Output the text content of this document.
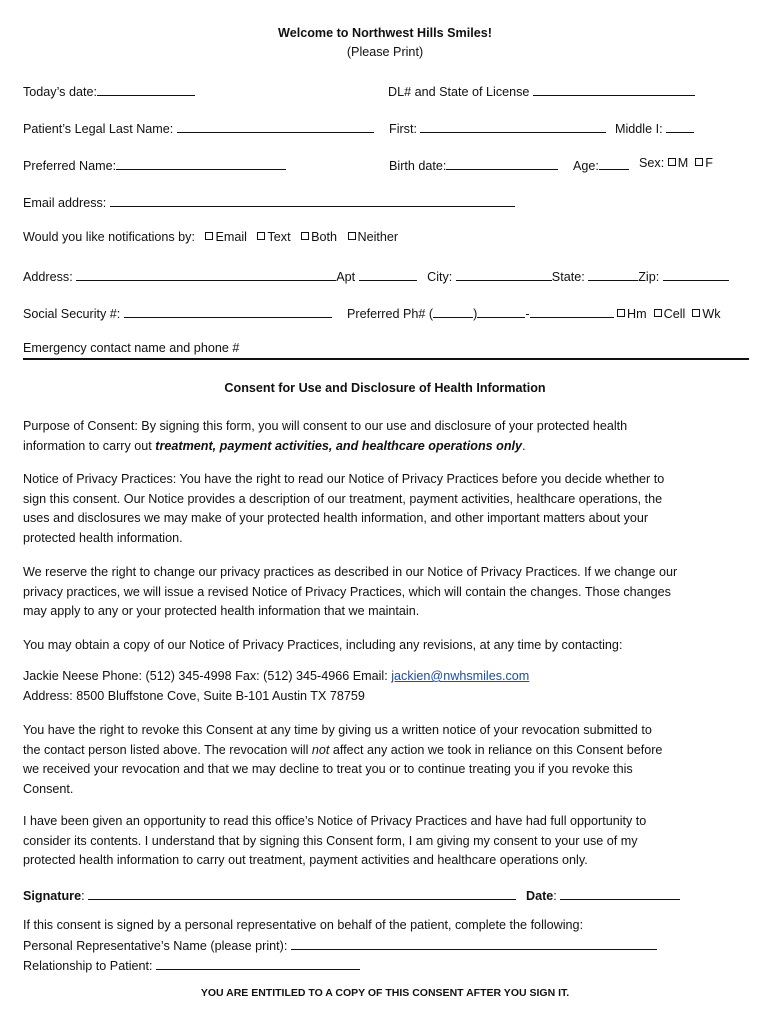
Welcome to Northwest Hills Smiles!
(Please Print)
Today’s date:	DL# and State of License
Patient’s Legal Last Name:	First:	Middle I:
Preferred Name:	Birth date:	Age:	Sex: M F
Email address:
Would you like notifications by: Email Text Both Neither
Address:	Apt	City:	State:	Zip:
Social Security #:	Preferred Ph# (	)	-	Hm Cell Wk
Emergency contact name and phone #
Consent for Use and Disclosure of Health Information
Purpose of Consent: By signing this form, you will consent to our use and disclosure of your protected health
information to carry out treatment, payment activities, and healthcare operations only.
Notice of Privacy Practices: You have the right to read our Notice of Privacy Practices before you decide whether to
sign this consent. Our Notice provides a description of our treatment, payment activities, healthcare operations, the
uses and disclosures we may make of your protected health information, and other important matters about your
protected health information.
We reserve the right to change our privacy practices as described in our Notice of Privacy Practices. If we change our
privacy practices, we will issue a revised Notice of Privacy Practices, which will contain the changes. Those changes
may apply to any or your protected health information that we maintain.
You may obtain a copy of our Notice of Privacy Practices, including any revisions, at any time by contacting:
Jackie Neese Phone: (512) 345-4998 Fax: (512) 345-4966 Email: jackien@nwhsmiles.com
Address: 8500 Bluffstone Cove, Suite B-101 Austin TX 78759
You have the right to revoke this Consent at any time by giving us a written notice of your revocation submitted to
the contact person listed above. The revocation will not affect any action we took in reliance on this Consent before
we received your revocation and that we may decline to treat you or to continue treating you if you revoke this
Consent.
I have been given an opportunity to read this office’s Notice of Privacy Practices and have had full opportunity to
consider its contents. I understand that by signing this Consent form, I am giving my consent to your use of my
protected health information to carry out treatment, payment activities and healthcare operations only.
Signature:	Date:
If this consent is signed by a personal representative on behalf of the patient, complete the following:
Personal Representative’s Name (please print):
Relationship to Patient:
YOU ARE ENTITILED TO A COPY OF THIS CONSENT AFTER YOU SIGN IT.
